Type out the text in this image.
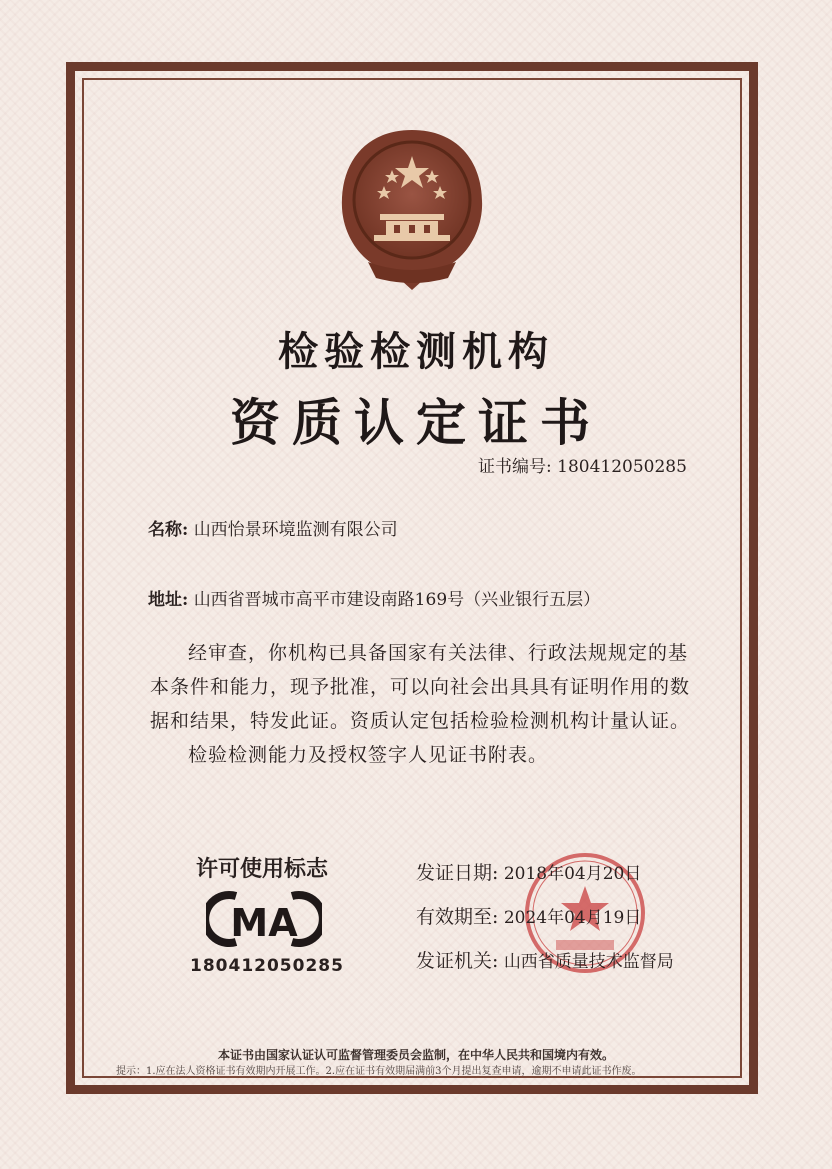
检验检测机构
资质认定证书
证书编号: 180412050285
名称: 山西怡景环境监测有限公司
地址: 山西省晋城市高平市建设南路169号（兴业银行五层）
经审查，你机构已具备国家有关法律、行政法规规定的基本条件和能力，现予批准，可以向社会出具具有证明作用的数据和结果，特发此证。资质认定包括检验检测机构计量认证。
检验检测能力及授权签字人见证书附表。
许可使用标志
MA
180412050285
发证日期: 2018年04月20日
有效期至: 2024年04月19日
发证机关: 山西省质量技术监督局
本证书由国家认证认可监督管理委员会监制，在中华人民共和国境内有效。
提示：1.应在法人资格证书有效期内开展工作。2.应在证书有效期届满前3个月提出复查申请，逾期不申请此证书作废。
